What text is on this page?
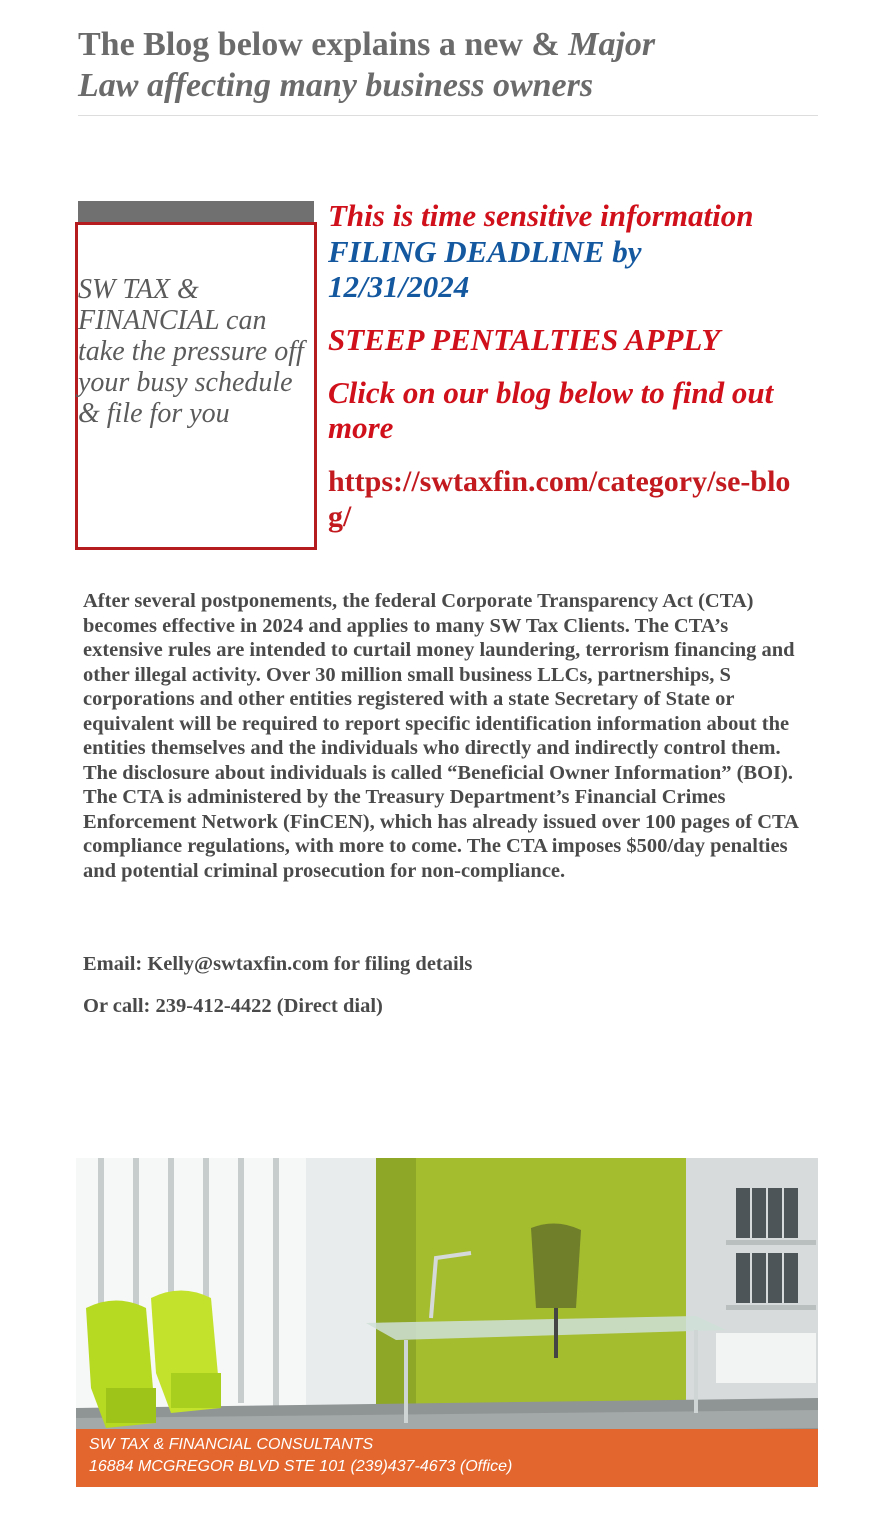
The Blog below explains a new & Major
Law affecting many business owners

SW TAX & FINANCIAL can take the pressure off your busy schedule & file for you

This is time sensitive information

FILING DEADLINE by

12/31/2024

STEEP PENTALTIES APPLY

Click on our blog below to find out more

https://swtaxfin.com/category/se-blog/

After several postponements, the federal Corporate Transparency Act (CTA) becomes effective in 2024 and applies to many SW Tax Clients. The CTA’s extensive rules are intended to curtail money laundering, terrorism financing and other illegal activity. Over 30 million small business LLCs, partnerships, S corporations and other entities registered with a state Secretary of State or equivalent will be required to report specific identification information about the entities themselves and the individuals who directly and indirectly control them. The disclosure about individuals is called “Beneficial Owner Information” (BOI). The CTA is administered by the Treasury Department’s Financial Crimes Enforcement Network (FinCEN), which has already issued over 100 pages of CTA compliance regulations, with more to come. The CTA imposes $500/day penalties and potential criminal prosecution for non-compliance.

Email: Kelly@swtaxfin.com for filing details

Or call: 239-412-4422 (Direct dial)

SW TAX & FINANCIAL CONSULTANTS

16884 MCGREGOR BLVD STE 101 (239)437-4673 (Office)
